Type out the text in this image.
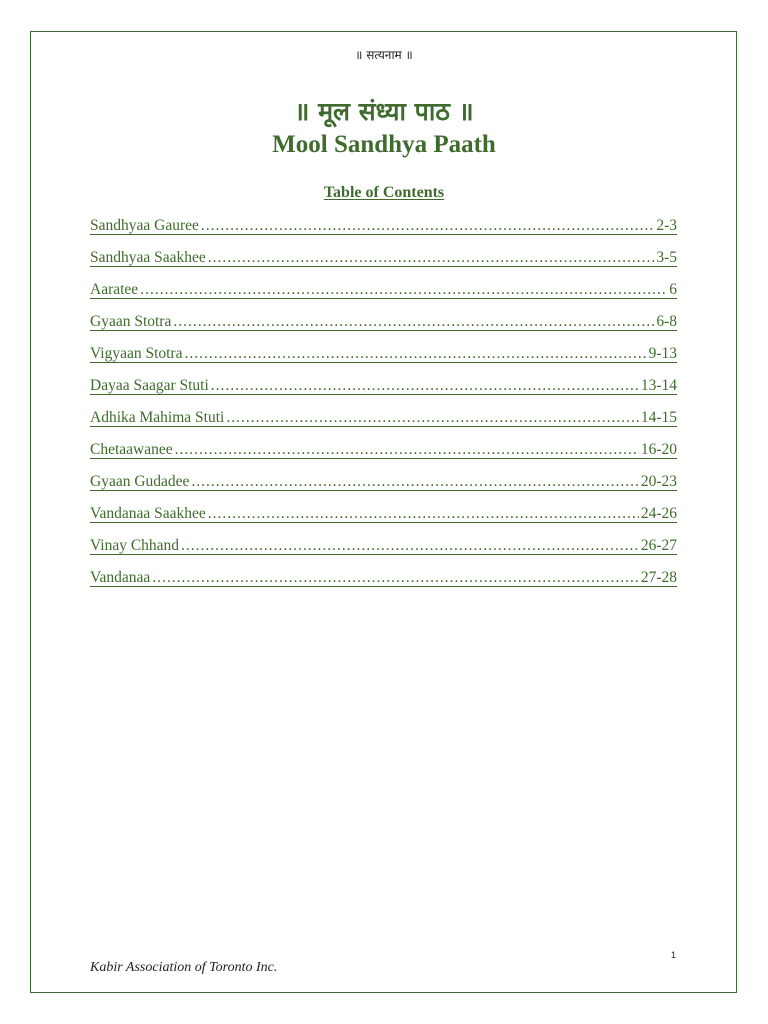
॥ सत्यनाम ॥
॥ मूल संध्या पाठ ॥
Mool Sandhya Paath
Table of Contents
Sandhyaa Gauree .....	2-3
Sandhyaa Saakhee .....	3-5
Aaratee .....	6
Gyaan Stotra .....	6-8
Vigyaan Stotra .....	9-13
Dayaa Saagar Stuti .....	13-14
Adhika Mahima Stuti .....	14-15
Chetaawanee .....	16-20
Gyaan Gudadee .....	20-23
Vandanaa Saakhee .....	24-26
Vinay Chhand .....	26-27
Vandanaa .....	27-28
1
Kabir Association of Toronto Inc.
